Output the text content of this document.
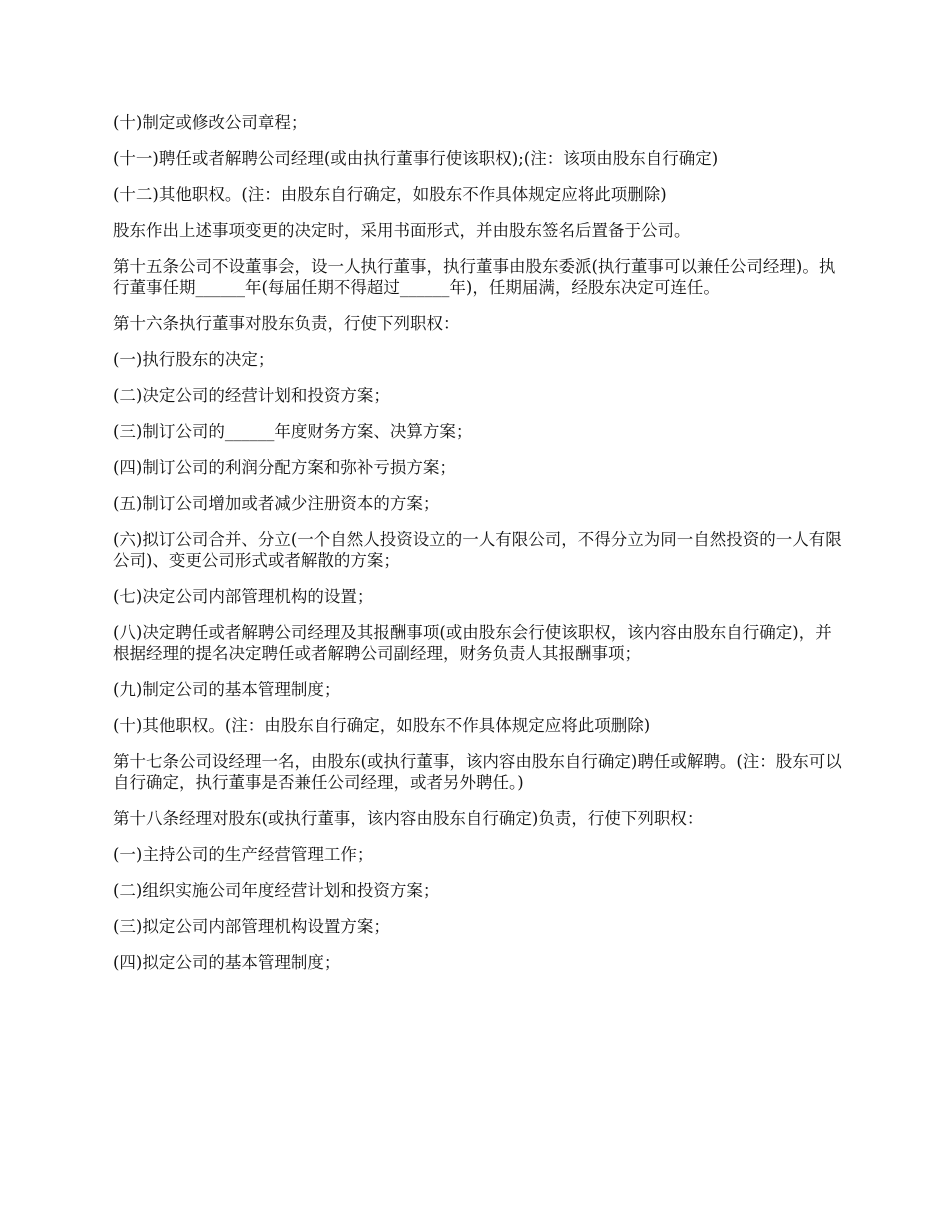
(十)制定或修改公司章程；

(十一)聘任或者解聘公司经理(或由执行董事行使该职权);(注：该项由股东自行确定)

(十二)其他职权。(注：由股东自行确定，如股东不作具体规定应将此项删除)

股东作出上述事项变更的决定时，采用书面形式，并由股东签名后置备于公司。

第十五条公司不设董事会，设一人执行董事，执行董事由股东委派(执行董事可以兼任公司经理)。执行董事任期______年(每届任期不得超过______年)，任期届满，经股东决定可连任。

第十六条执行董事对股东负责，行使下列职权：

(一)执行股东的决定；

(二)决定公司的经营计划和投资方案；

(三)制订公司的______年度财务方案、决算方案；

(四)制订公司的利润分配方案和弥补亏损方案；

(五)制订公司增加或者减少注册资本的方案；

(六)拟订公司合并、分立(一个自然人投资设立的一人有限公司，不得分立为同一自然投资的一人有限公司)、变更公司形式或者解散的方案；

(七)决定公司内部管理机构的设置；

(八)决定聘任或者解聘公司经理及其报酬事项(或由股东会行使该职权，该内容由股东自行确定)，并根据经理的提名决定聘任或者解聘公司副经理，财务负责人其报酬事项；

(九)制定公司的基本管理制度；

(十)其他职权。(注：由股东自行确定，如股东不作具体规定应将此项删除)

第十七条公司设经理一名，由股东(或执行董事，该内容由股东自行确定)聘任或解聘。(注：股东可以自行确定，执行董事是否兼任公司经理，或者另外聘任。)

第十八条经理对股东(或执行董事，该内容由股东自行确定)负责，行使下列职权：

(一)主持公司的生产经营管理工作；

(二)组织实施公司年度经营计划和投资方案；

(三)拟定公司内部管理机构设置方案；

(四)拟定公司的基本管理制度；
